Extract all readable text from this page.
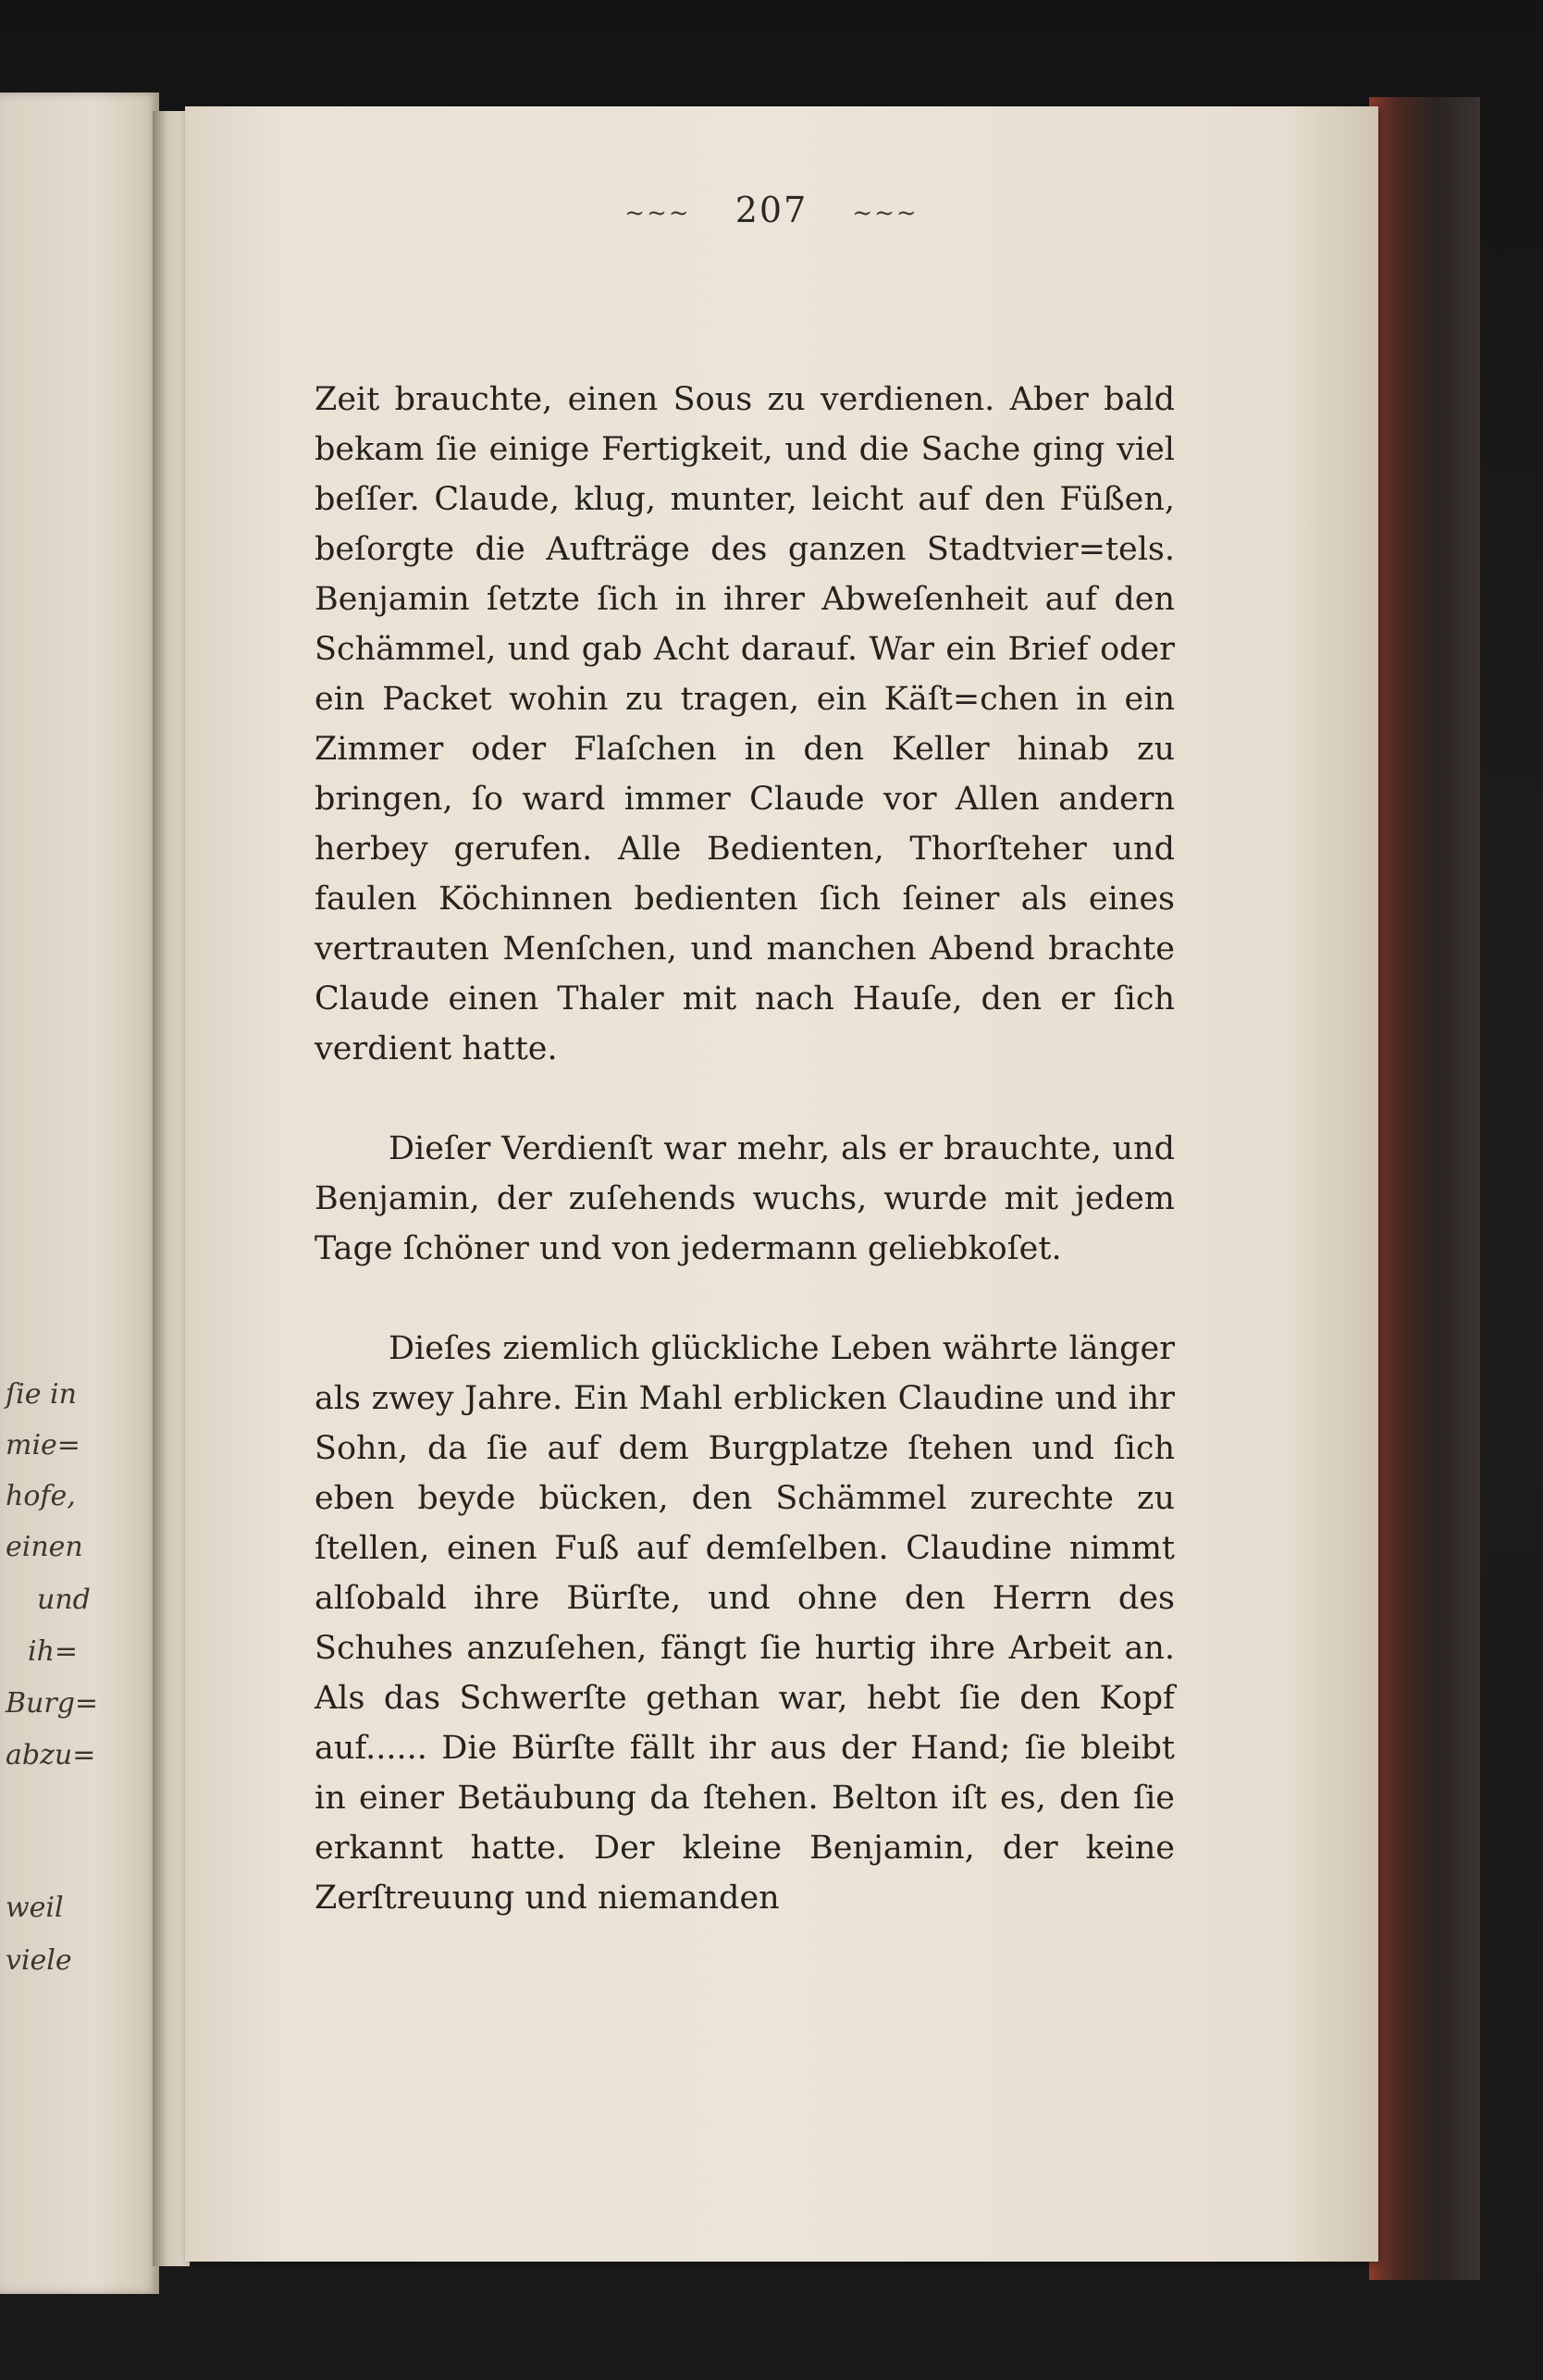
ſie in
mie=
hofe,
einen
und
ih=
Burg=
abzu=
weil
viele
~~~ 207 ~~~

Zeit brauchte, einen Sous zu verdienen. Aber bald bekam ſie einige Fertigkeit, und die Sache ging viel beſſer. Claude, klug, munter, leicht auf den Füßen, beſorgte die Aufträge des ganzen Stadtvier=tels. Benjamin ſetzte ſich in ihrer Abweſenheit auf den Schämmel, und gab Acht darauf. War ein Brief oder ein Packet wohin zu tragen, ein Käſt=chen in ein Zimmer oder Flaſchen in den Keller hinab zu bringen, ſo ward immer Claude vor Allen andern herbey gerufen. Alle Bedienten, Thorſteher und faulen Köchinnen bedienten ſich ſeiner als eines vertrauten Menſchen, und manchen Abend brachte Claude einen Thaler mit nach Hauſe, den er ſich verdient hatte.

Dieſer Verdienſt war mehr, als er brauchte, und Benjamin, der zuſehends wuchs, wurde mit jedem Tage ſchöner und von jedermann geliebkoſet.

Dieſes ziemlich glückliche Leben währte länger als zwey Jahre. Ein Mahl erblicken Claudine und ihr Sohn, da ſie auf dem Burgplatze ſtehen und ſich eben beyde bücken, den Schämmel zurechte zu ſtellen, einen Fuß auf demſelben. Claudine nimmt alſobald ihre Bürſte, und ohne den Herrn des Schuhes anzuſehen, fängt ſie hurtig ihre Arbeit an. Als das Schwerſte gethan war, hebt ſie den Kopf auf...... Die Bürſte fällt ihr aus der Hand; ſie bleibt in einer Betäubung da ſtehen. Belton iſt es, den ſie erkannt hatte. Der kleine Benjamin, der keine Zerſtreuung und niemanden
